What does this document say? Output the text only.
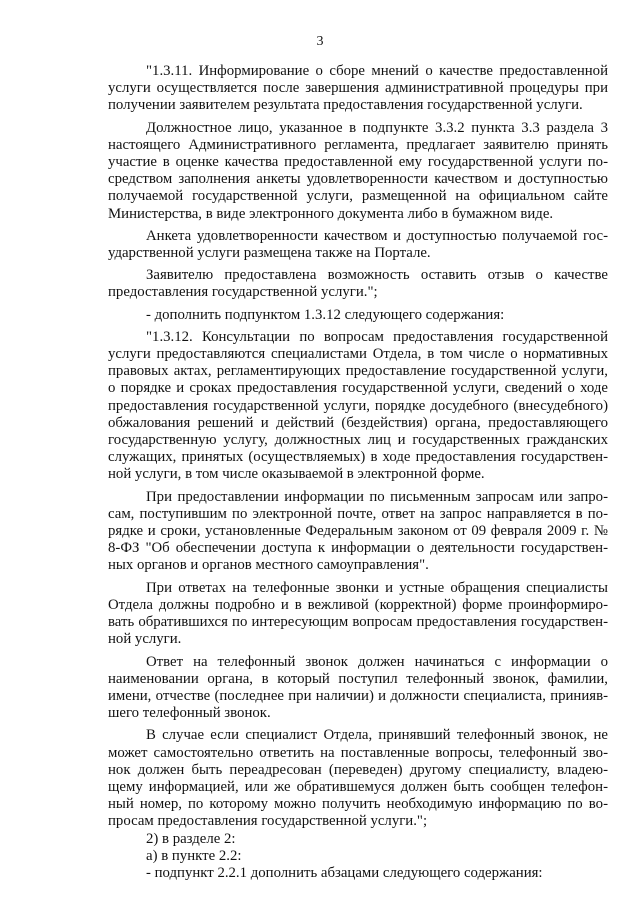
3

"1.3.11. Информирование о сборе мнений о качестве предоставленной услуги осуществляется после завершения административной процедуры при получении заявителем результата предоставления государственной услуги.

Должностное лицо, указанное в подпункте 3.3.2 пункта 3.3 раздела 3 настоящего Административного регламента, предлагает заявителю принять участие в оценке качества предоставленной ему государственной услуги посредством заполнения анкеты удовлетворенности качеством и доступностью получаемой государственной услуги, размещенной на официальном сайте Министерства, в виде электронного документа либо в бумажном виде.

Анкета удовлетворенности качеством и доступностью получаемой государственной услуги размещена также на Портале.

Заявителю предоставлена возможность оставить отзыв о качестве предоставления государственной услуги.";

- дополнить подпунктом 1.3.12 следующего содержания:

"1.3.12. Консультации по вопросам предоставления государственной услуги предоставляются специалистами Отдела, в том числе о нормативных правовых актах, регламентирующих предоставление государственной услуги, о порядке и сроках предоставления государственной услуги, сведений о ходе предоставления государственной услуги, порядке досудебного (внесудебного) обжалования решений и действий (бездействия) органа, предоставляющего государственную услугу, должностных лиц и государственных гражданских служащих, принятых (осуществляемых) в ходе предоставления государственной услуги, в том числе оказываемой в электронной форме.

При предоставлении информации по письменным запросам или запросам, поступившим по электронной почте, ответ на запрос направляется в порядке и сроки, установленные Федеральным законом от 09 февраля 2009 г. № 8-ФЗ "Об обеспечении доступа к информации о деятельности государственных органов и органов местного самоуправления".

При ответах на телефонные звонки и устные обращения специалисты Отдела должны подробно и в вежливой (корректной) форме проинформировать обратившихся по интересующим вопросам предоставления государственной услуги.

Ответ на телефонный звонок должен начинаться с информации о наименовании органа, в который поступил телефонный звонок, фамилии, имени, отчестве (последнее при наличии) и должности специалиста, приниявшего телефонный звонок.

В случае если специалист Отдела, принявший телефонный звонок, не может самостоятельно ответить на поставленные вопросы, телефонный звонок должен быть переадресован (переведен) другому специалисту, владеющему информацией, или же обратившемуся должен быть сообщен телефонный номер, по которому можно получить необходимую информацию по вопросам предоставления государственной услуги.";

2) в разделе 2:

а) в пункте 2.2:

- подпункт 2.2.1 дополнить абзацами следующего содержания:
